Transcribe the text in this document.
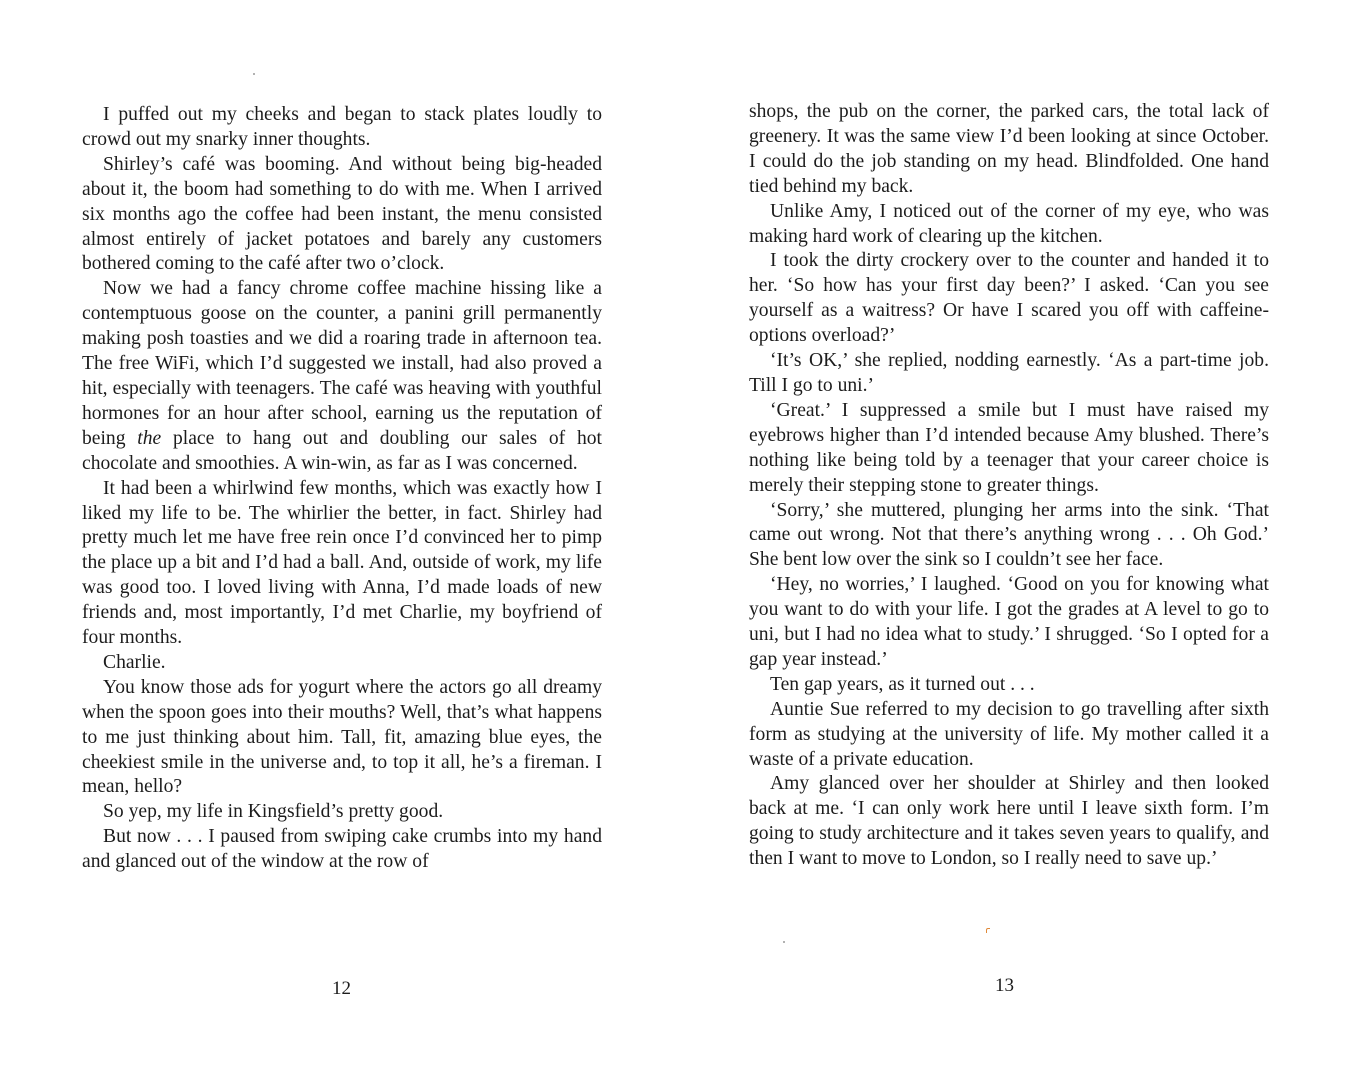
I puffed out my cheeks and began to stack plates loudly to crowd out my snarky inner thoughts.

Shirley’s café was booming. And without being big-headed about it, the boom had something to do with me. When I arrived six months ago the coffee had been instant, the menu consisted almost entirely of jacket potatoes and barely any customers bothered coming to the café after two o’clock.

Now we had a fancy chrome coffee machine hissing like a contemptuous goose on the counter, a panini grill permanently making posh toasties and we did a roaring trade in afternoon tea. The free WiFi, which I’d suggested we install, had also proved a hit, especially with teenagers. The café was heaving with youthful hormones for an hour after school, earning us the reputation of being the place to hang out and doubling our sales of hot chocolate and smoothies. A win-win, as far as I was concerned.

It had been a whirlwind few months, which was exactly how I liked my life to be. The whirlier the better, in fact. Shirley had pretty much let me have free rein once I’d convinced her to pimp the place up a bit and I’d had a ball. And, outside of work, my life was good too. I loved living with Anna, I’d made loads of new friends and, most importantly, I’d met Charlie, my boyfriend of four months.

Charlie.

You know those ads for yogurt where the actors go all dreamy when the spoon goes into their mouths? Well, that’s what happens to me just thinking about him. Tall, fit, amazing blue eyes, the cheekiest smile in the universe and, to top it all, he’s a fireman. I mean, hello?

So yep, my life in Kingsfield’s pretty good.

But now . . . I paused from swiping cake crumbs into my hand and glanced out of the window at the row of

12

shops, the pub on the corner, the parked cars, the total lack of greenery. It was the same view I’d been looking at since October. I could do the job standing on my head. Blindfolded. One hand tied behind my back.

Unlike Amy, I noticed out of the corner of my eye, who was making hard work of clearing up the kitchen.

I took the dirty crockery over to the counter and handed it to her. ‘So how has your first day been?’ I asked. ‘Can you see yourself as a waitress? Or have I scared you off with caffeine-options overload?’

‘It’s OK,’ she replied, nodding earnestly. ‘As a part-time job. Till I go to uni.’

‘Great.’ I suppressed a smile but I must have raised my eyebrows higher than I’d intended because Amy blushed. There’s nothing like being told by a teenager that your career choice is merely their stepping stone to greater things.

‘Sorry,’ she muttered, plunging her arms into the sink. ‘That came out wrong. Not that there’s anything wrong . . . Oh God.’ She bent low over the sink so I couldn’t see her face.

‘Hey, no worries,’ I laughed. ‘Good on you for knowing what you want to do with your life. I got the grades at A level to go to uni, but I had no idea what to study.’ I shrugged. ‘So I opted for a gap year instead.’

Ten gap years, as it turned out . . .

Auntie Sue referred to my decision to go travelling after sixth form as studying at the university of life. My mother called it a waste of a private education.

Amy glanced over her shoulder at Shirley and then looked back at me. ‘I can only work here until I leave sixth form. I’m going to study architecture and it takes seven years to qualify, and then I want to move to London, so I really need to save up.’

13
